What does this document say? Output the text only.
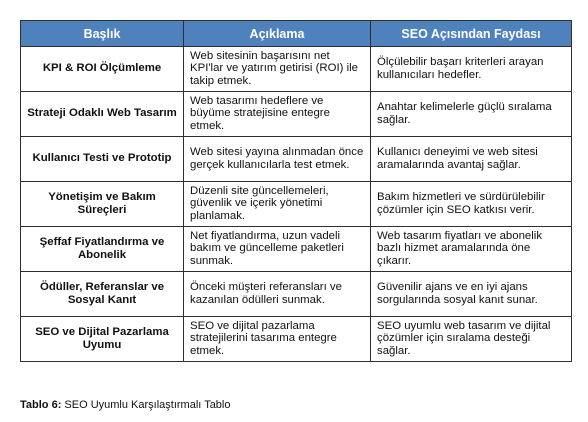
Başlık	Açıklama	SEO Açısından Faydası
KPI & ROI Ölçümleme	Web sitesinin başarısını net KPI'lar ve yatırım getirisi (ROI) ile takip etmek.	Ölçülebilir başarı kriterleri arayan kullanıcıları hedefler.
Strateji Odaklı Web Tasarım	Web tasarımı hedeflere ve büyüme stratejisine entegre etmek.	Anahtar kelimelerle güçlü sıralama sağlar.
Kullanıcı Testi ve Prototip	Web sitesi yayına alınmadan önce gerçek kullanıcılarla test etmek.	Kullanıcı deneyimi ve web sitesi aramalarında avantaj sağlar.
Yönetişim ve Bakım Süreçleri	Düzenli site güncellemeleri, güvenlik ve içerik yönetimi planlamak.	Bakım hizmetleri ve sürdürülebilir çözümler için SEO katkısı verir.
Şeffaf Fiyatlandırma ve Abonelik	Net fiyatlandırma, uzun vadeli bakım ve güncelleme paketleri sunmak.	Web tasarım fiyatları ve abonelik bazlı hizmet aramalarında öne çıkarır.
Ödüller, Referanslar ve Sosyal Kanıt	Önceki müşteri referansları ve kazanılan ödülleri sunmak.	Güvenilir ajans ve en iyi ajans sorgularında sosyal kanıt sunar.
SEO ve Dijital Pazarlama Uyumu	SEO ve dijital pazarlama stratejilerini tasarıma entegre etmek.	SEO uyumlu web tasarım ve dijital çözümler için sıralama desteği sağlar.
Tablo 6: SEO Uyumlu Karşılaştırmalı Tablo
